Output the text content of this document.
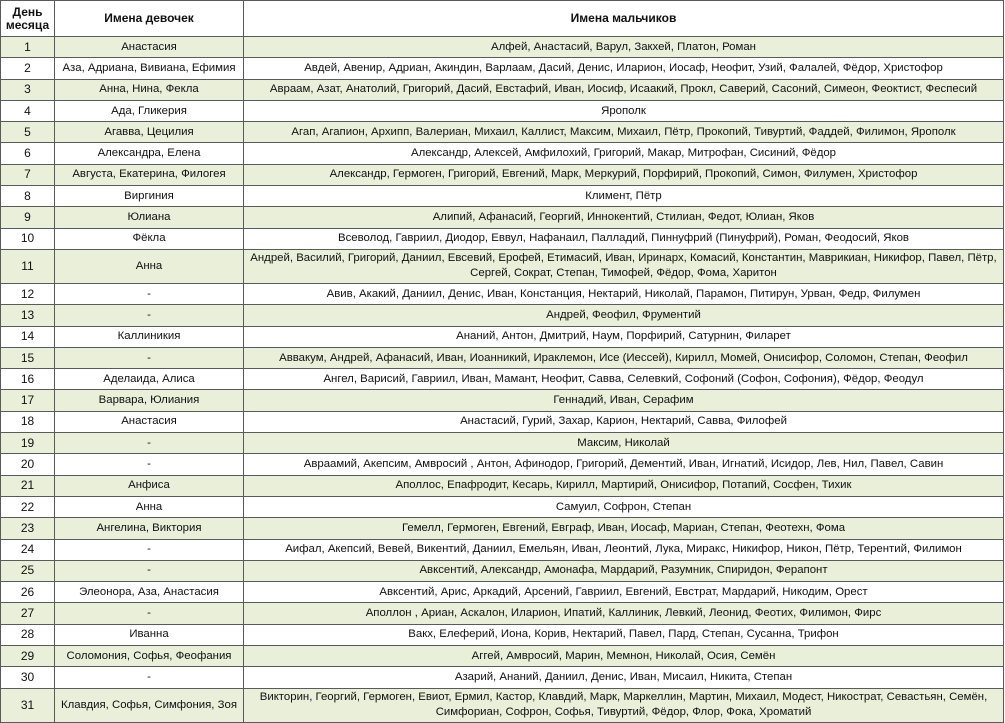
День месяца	Имена девочек	Имена мальчиков
1	Анастасия	Алфей, Анастасий, Варул, Закхей, Платон, Роман
2	Аза, Адриана, Вивиана, Ефимия	Авдей, Авенир, Адриан, Акиндин, Варлаам, Дасий, Денис, Иларион, Иосаф, Неофит, Узий, Фалалей, Фёдор, Христофор
3	Анна, Нина, Фекла	Авраам, Азат, Анатолий, Григорий, Дасий, Евстафий, Иван, Иосиф, Исаакий, Прокл, Саверий, Сасоний, Симеон, Феоктист, Феспесий
4	Ада, Гликерия	Ярополк
5	Агавва, Цецилия	Агап, Агапион, Архипп, Валериан, Михаил, Каллист, Максим, Михаил, Пётр, Прокопий, Тивуртий, Фаддей, Филимон, Ярополк
6	Александра, Елена	Александр, Алексей, Амфилохий, Григорий, Макар, Митрофан, Сисиний, Фёдор
7	Августа, Екатерина, Филогея	Александр, Гермоген, Григорий, Евгений, Марк, Меркурий, Порфирий, Прокопий, Симон, Филумен, Христофор
8	Виргиния	Климент, Пётр
9	Юлиана	Алипий, Афанасий, Георгий, Иннокентий, Стилиан, Федот, Юлиан, Яков
10	Фёкла	Всеволод, Гавриил, Диодор, Еввул, Нафанаил, Палладий, Пиннуфрий (Пинуфрий), Роман, Феодосий, Яков
11	Анна	Андрей, Василий, Григорий, Даниил, Евсевий, Ерофей, Етимасий, Иван, Иринарх, Комасий, Константин, Маврикиан, Никифор, Павел, Пётр, Сергей, Сократ, Степан, Тимофей, Фёдор, Фома, Харитон
12	-	Авив, Акакий, Даниил, Денис, Иван, Констанция, Нектарий, Николай, Парамон, Питирун, Урван, Федр, Филумен
13	-	Андрей, Феофил, Фрументий
14	Каллиникия	Ананий, Антон, Дмитрий, Наум, Порфирий, Сатурнин, Филарет
15	-	Аввакум, Андрей, Афанасий, Иван, Иоанникий, Ираклемон, Исе (Иессей), Кирилл, Момей, Онисифор, Соломон, Степан, Феофил
16	Аделаида, Алиса	Ангел, Варисий, Гавриил, Иван, Мамант, Неофит, Савва, Селевкий, Софоний (Софон, Софония), Фёдор, Феодул
17	Варвара, Юлиания	Геннадий, Иван, Серафим
18	Анастасия	Анастасий, Гурий, Захар, Карион, Нектарий, Савва, Филофей
19	-	Максим, Николай
20	-	Авраамий, Акепсим, Амвросий , Антон, Афинодор, Григорий, Дементий, Иван, Игнатий, Исидор, Лев, Нил, Павел, Савин
21	Анфиса	Аполлос, Епафродит, Кесарь, Кирилл, Мартирий, Онисифор, Потапий, Сосфен, Тихик
22	Анна	Самуил, Софрон, Степан
23	Ангелина, Виктория	Гемелл, Гермоген, Евгений, Евграф, Иван, Иосаф, Мариан, Степан, Феотехн, Фома
24	-	Аифал, Акепсий, Вевей, Викентий, Даниил, Емельян, Иван, Леонтий, Лука, Миракс, Никифор, Никон, Пётр, Терентий, Филимон
25	-	Авксентий, Александр, Амонафа, Мардарий, Разумник, Спиридон, Ферапонт
26	Элеонора, Аза, Анастасия	Авксентий, Арис, Аркадий, Арсений, Гавриил, Евгений, Евстрат, Мардарий, Никодим, Орест
27	-	Аполлон , Ариан, Аскалон, Иларион, Ипатий, Каллиник, Левкий, Леонид, Феотих, Филимон, Фирс
28	Иванна	Вакх, Елеферий, Иона, Корив, Нектарий, Павел, Пард, Степан, Сусанна, Трифон
29	Соломония, Софья, Феофания	Аггей, Амвросий, Марин, Мемнон, Николай, Осия, Семён
30	-	Азарий, Ананий, Даниил, Денис, Иван, Мисаил, Никита, Степан
31	Клавдия, Софья, Симфония, Зоя	Викторин, Георгий, Гермоген, Евиот, Ермил, Кастор, Клавдий, Марк, Маркеллин, Мартин, Михаил, Модест, Никострат, Севастьян, Семён, Симфориан, Софрон, Софья, Тивуртий, Фёдор, Флор, Фока, Хроматий
